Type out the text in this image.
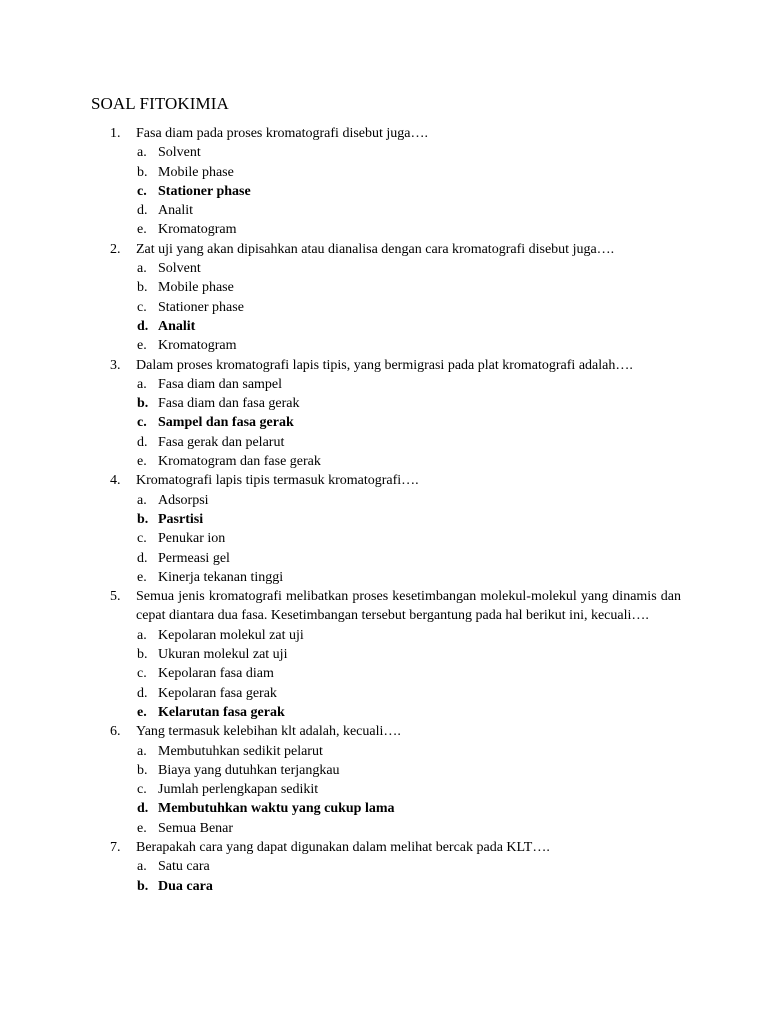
SOAL FITOKIMIA
1.	Fasa diam pada proses kromatografi disebut juga….
a. Solvent
b. Mobile phase
c. Stationer phase
d. Analit
e. Kromatogram
2.	Zat uji yang akan dipisahkan atau dianalisa dengan cara kromatografi disebut juga….
a. Solvent
b. Mobile phase
c. Stationer phase
d. Analit
e. Kromatogram
3.	Dalam proses kromatografi lapis tipis, yang bermigrasi pada plat kromatografi adalah….
a. Fasa diam dan sampel
b. Fasa diam dan fasa gerak
c. Sampel dan fasa gerak
d. Fasa gerak dan pelarut
e. Kromatogram dan fase gerak
4.	Kromatografi lapis tipis termasuk kromatografi….
a. Adsorpsi
b. Pasrtisi
c. Penukar ion
d. Permeasi gel
e. Kinerja tekanan tinggi
5.	Semua jenis kromatografi melibatkan proses kesetimbangan molekul-molekul yang dinamis dan cepat diantara dua fasa. Kesetimbangan tersebut bergantung pada hal berikut ini, kecuali….
a. Kepolaran molekul zat uji
b. Ukuran molekul zat uji
c. Kepolaran fasa diam
d. Kepolaran fasa gerak
e. Kelarutan fasa gerak
6.	Yang termasuk kelebihan klt adalah, kecuali….
a. Membutuhkan sedikit pelarut
b. Biaya yang dutuhkan terjangkau
c. Jumlah perlengkapan sedikit
d. Membutuhkan waktu yang cukup lama
e. Semua Benar
7.	Berapakah cara yang dapat digunakan dalam melihat bercak pada KLT….
a. Satu cara
b. Dua cara
